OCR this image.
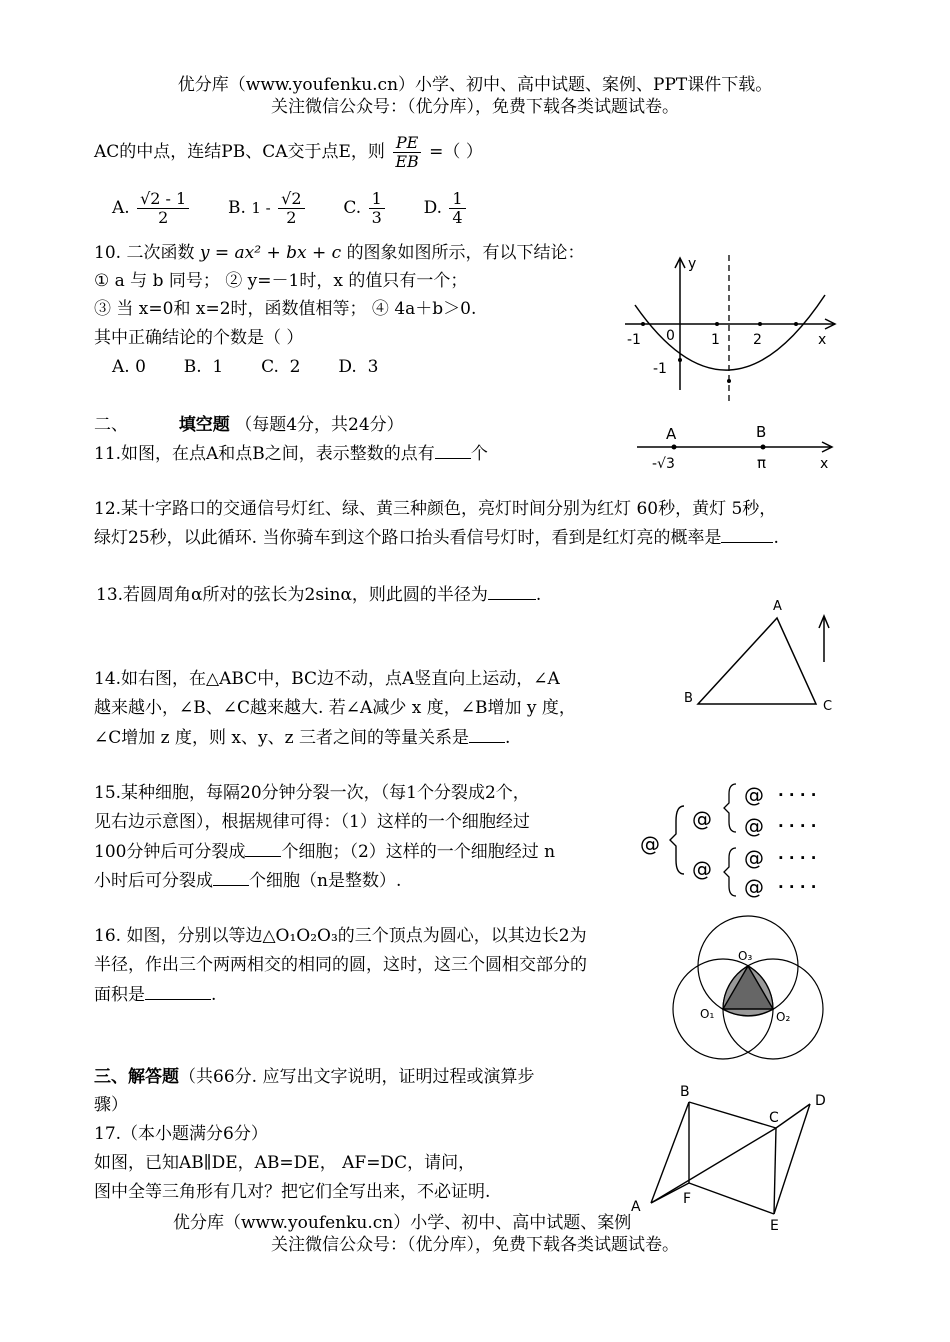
优分库（www.youfenku.cn）小学、初中、高中试题、案例、PPT课件下载。
关注微信公众号：（优分库），免费下载各类试题试卷。
AC的中点，连结PB、CA交于点E，则 $\frac{PE}{EB}$ =（ ）
A. $\frac{√2 - 1}{2} B$. $1 - \frac{√2}{2} C$. $\frac{1}{3} D$. $\frac{1}{4}$
10. 二次函数 y = ax² + bx + c 的图象如图所示，有以下结论：
① a 与 b 同号； ② y=－1时，x 的值只有一个；
③ 当 x=0和 x=2时，函数值相等； ④ 4a＋b＞0.
其中正确结论的个数是（ ）
A. 0       B.  1       C.  2       D.  3
y
x
-1 0	1 2
-1
二、	填空题 （每题4分，共24分）
11.如图，在点A和点B之间，表示整数的点有 个
A	B
-√3	π	x
12.某十字路口的交通信号灯红、绿、黄三种颜色，亮灯时间分别为红灯 60秒，黄灯 5秒，
绿灯25秒，以此循环. 当你骑车到这个路口抬头看信号灯时，看到是红灯亮的概率是	.
13.若圆周角α所对的弦长为2sinα，则此圆的半径为	.
14.如右图，在△ABC中，BC边不动，点A竖直向上运动，∠A
越来越小，∠B、∠C越来越大. 若∠A减少 x 度，∠B增加 y 度，
∠C增加 z 度，则 x、y、z 三者之间的等量关系是 .
A
B
C
15.某种细胞，每隔20分钟分裂一次，（每1个分裂成2个，
见右边示意图），根据规律可得：（1）这样的一个细胞经过
100分钟后可分裂成 个细胞；（2）这样的一个细胞经过 n
小时后可分裂成 个细胞（n是整数）.
@
@
@
@
@
@
@
· · · ·
· · · ·
· · · ·
· · · ·
16. 如图，分别以等边△O₁O₂O₃的三个顶点为圆心，以其边长2为
半径，作出三个两两相交的相同的圆，这时，这三个圆相交部分的
面积是	.
O₃
O₁	O₂
三、解答题（共66分. 应写出文字说明，证明过程或演算步
骤）
17.（本小题满分6分）
如图，已知AB∥DE，AB=DE， AF=DC，请问，
图中全等三角形有几对？把它们全写出来，不必证明.
A
B
C
D
E
F
优分库（www.youfenku.cn）小学、初中、高中试题、案例
关注微信公众号：（优分库），免费下载各类试题试卷。
